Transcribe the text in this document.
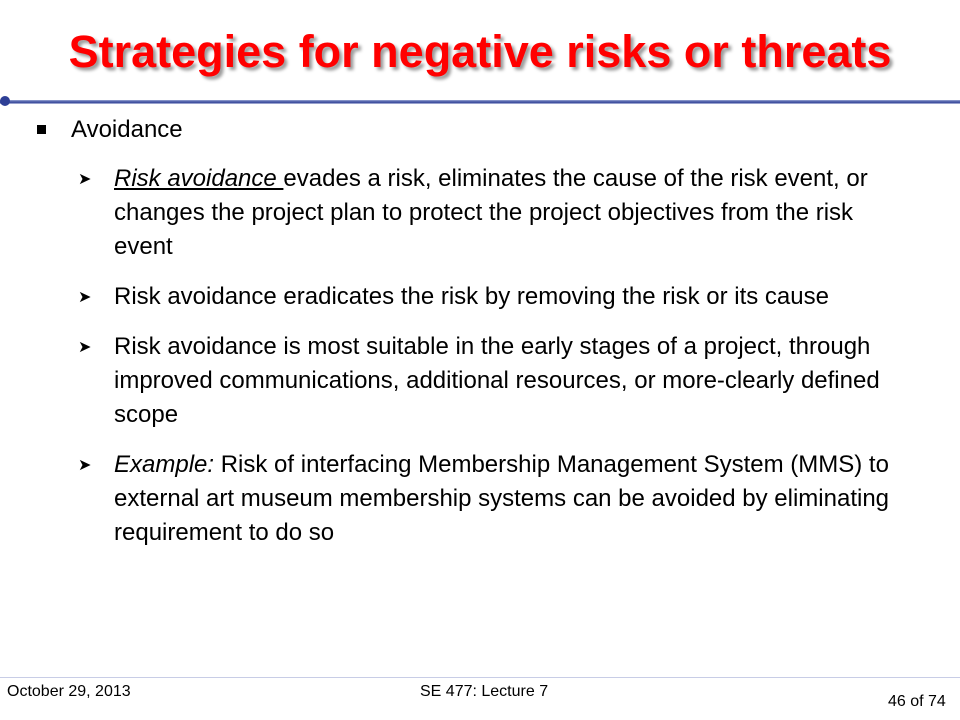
Strategies for negative risks or threats
Avoidance
➤ Risk avoidance evades a risk, eliminates the cause of the risk event, or changes the project plan to protect the project objectives from the risk event
➤ Risk avoidance eradicates the risk by removing the risk or its cause
➤ Risk avoidance is most suitable in the early stages of a project, through improved communications, additional resources, or more-clearly defined scope
➤ Example: Risk of interfacing Membership Management System (MMS) to external art museum membership systems can be avoided by eliminating requirement to do so
October 29, 2013	SE 477: Lecture 7
46 of 74
